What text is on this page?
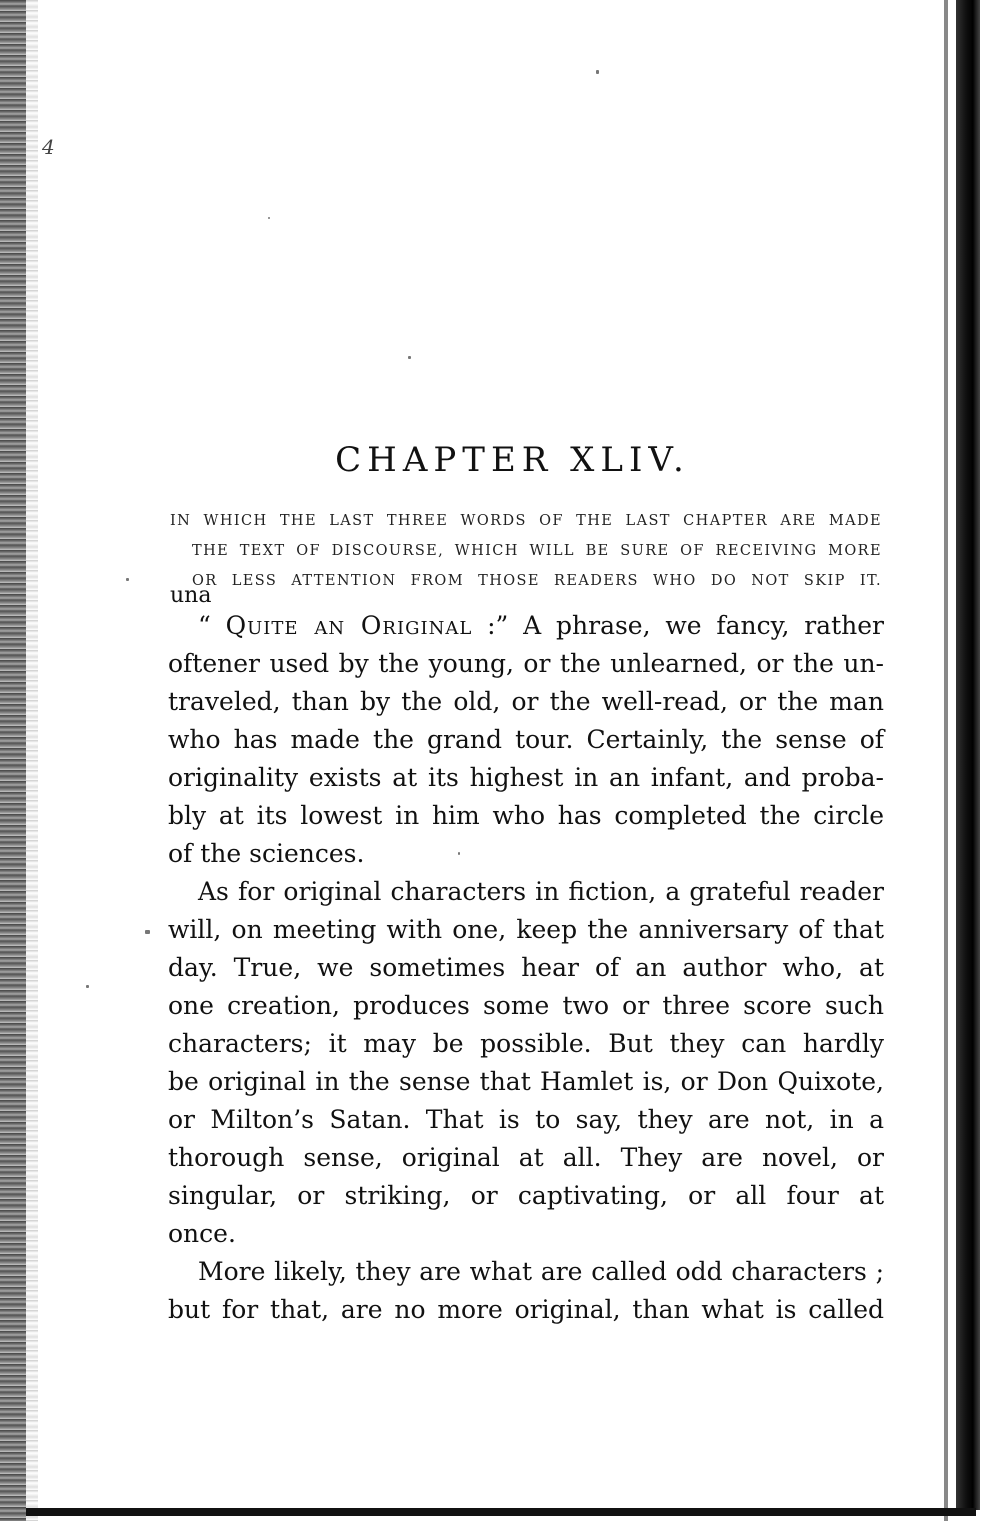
4
CHAPTER XLIV.
IN WHICH THE LAST THREE WORDS OF THE LAST CHAPTER ARE MADE
THE TEXT OF DISCOURSE, WHICH WILL BE SURE OF RECEIVING MORE
OR LESS ATTENTION FROM THOSE READERS WHO DO NOT SKIP IT.
una
“ Quite an Original :” A phrase, we fancy, rather
oftener used by the young, or the unlearned, or the un-
traveled, than by the old, or the well-read, or the man
who has made the grand tour. Certainly, the sense of
originality exists at its highest in an infant, and proba-
bly at its lowest in him who has completed the circle
of the sciences.
As for original characters in fiction, a grateful reader
will, on meeting with one, keep the anniversary of that
day. True, we sometimes hear of an author who, at
one creation, produces some two or three score such
characters; it may be possible. But they can hardly
be original in the sense that Hamlet is, or Don Quixote,
or Milton’s Satan. That is to say, they are not, in a
thorough sense, original at all. They are novel, or
singular, or striking, or captivating, or all four at
once.
More likely, they are what are called odd characters ;
but for that, are no more original, than what is called
